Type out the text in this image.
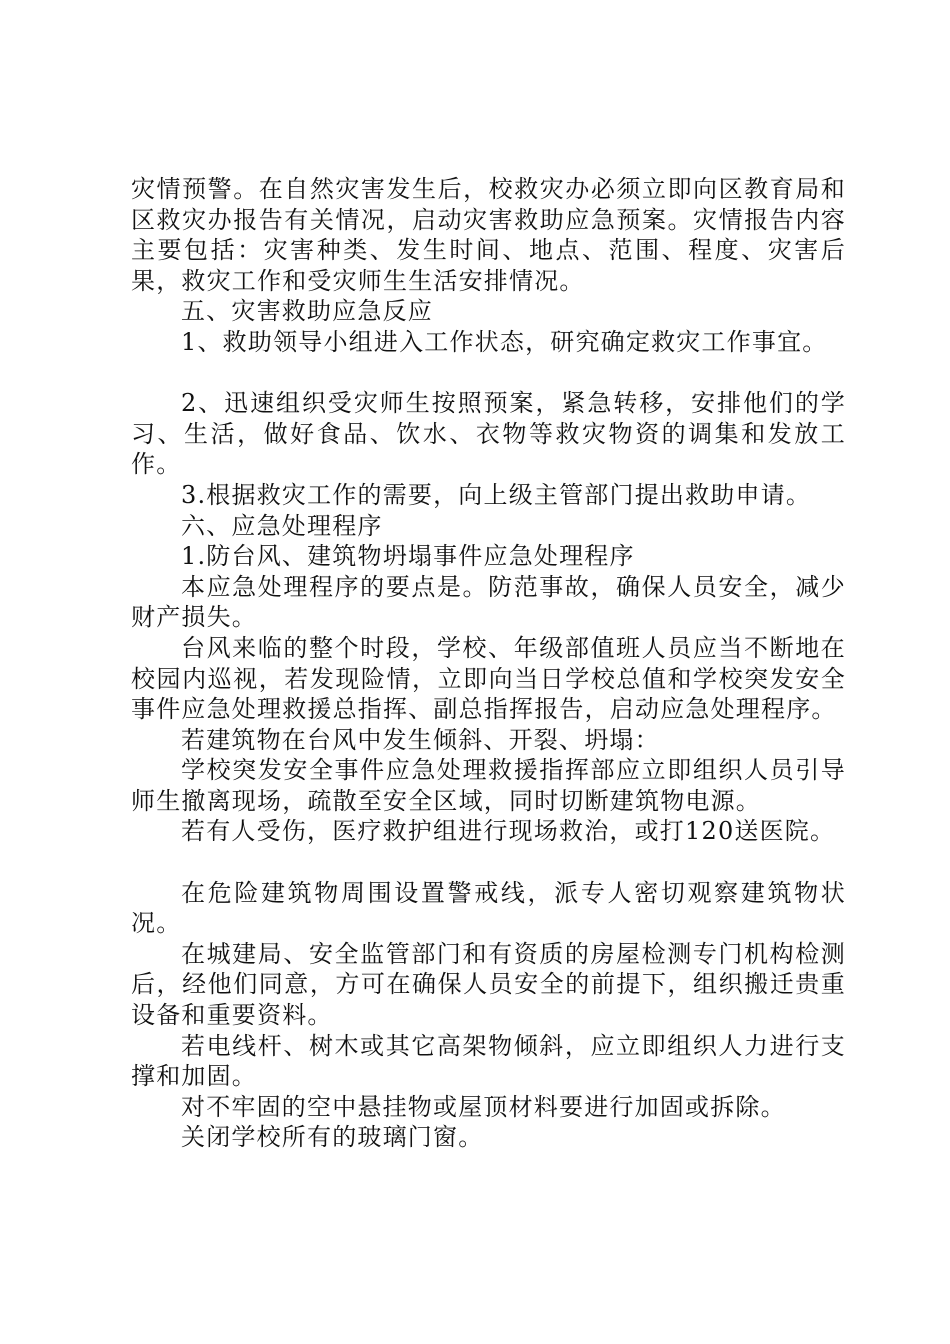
灾情预警。在自然灾害发生后，校救灾办必须立即向区教育局和区救灾办报告有关情况，启动灾害救助应急预案。灾情报告内容主要包括：灾害种类、发生时间、地点、范围、程度、灾害后果，救灾工作和受灾师生生活安排情况。

五、灾害救助应急反应

1、救助领导小组进入工作状态，研究确定救灾工作事宜。

2、迅速组织受灾师生按照预案，紧急转移，安排他们的学习、生活，做好食品、饮水、衣物等救灾物资的调集和发放工作。

3.根据救灾工作的需要，向上级主管部门提出救助申请。

六、应急处理程序

1.防台风、建筑物坍塌事件应急处理程序

本应急处理程序的要点是。防范事故，确保人员安全，减少财产损失。

台风来临的整个时段，学校、年级部值班人员应当不断地在校园内巡视，若发现险情，立即向当日学校总值和学校突发安全事件应急处理救援总指挥、副总指挥报告，启动应急处理程序。

若建筑物在台风中发生倾斜、开裂、坍塌：

学校突发安全事件应急处理救援指挥部应立即组织人员引导师生撤离现场，疏散至安全区域，同时切断建筑物电源。

若有人受伤，医疗救护组进行现场救治，或打120送医院。

在危险建筑物周围设置警戒线，派专人密切观察建筑物状况。

在城建局、安全监管部门和有资质的房屋检测专门机构检测后，经他们同意，方可在确保人员安全的前提下，组织搬迁贵重设备和重要资料。

若电线杆、树木或其它高架物倾斜，应立即组织人力进行支撑和加固。

对不牢固的空中悬挂物或屋顶材料要进行加固或拆除。

关闭学校所有的玻璃门窗。
